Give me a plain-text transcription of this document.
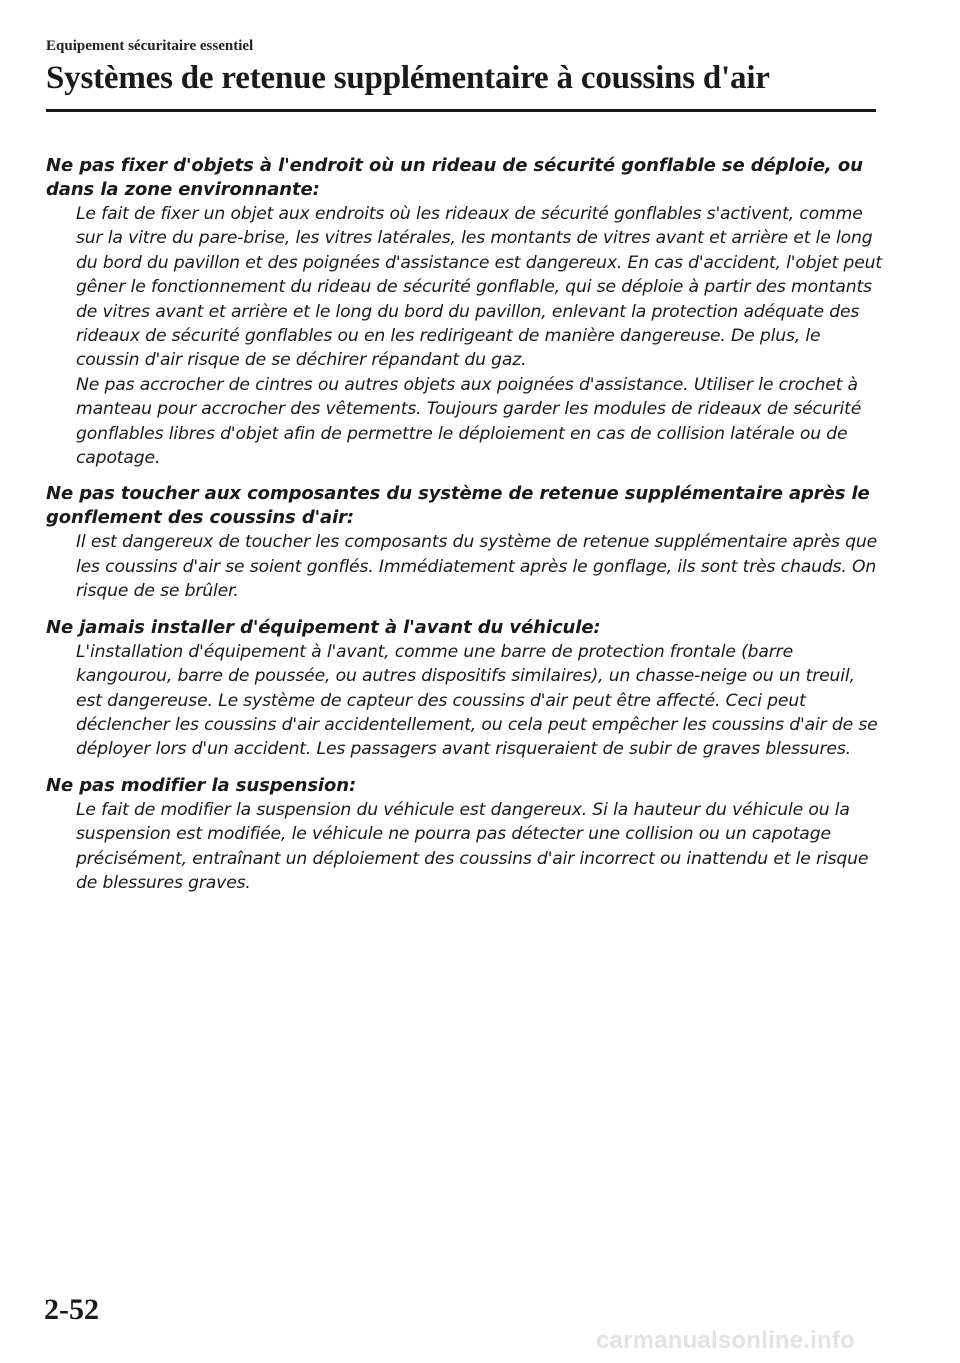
Equipement sécuritaire essentiel
Systèmes de retenue supplémentaire à coussins d'air

Ne pas fixer d'objets à l'endroit où un rideau de sécurité gonflable se déploie, ou dans la zone environnante:

Le fait de fixer un objet aux endroits où les rideaux de sécurité gonflables s'activent, comme sur la vitre du pare-brise, les vitres latérales, les montants de vitres avant et arrière et le long du bord du pavillon et des poignées d'assistance est dangereux. En cas d'accident, l'objet peut gêner le fonctionnement du rideau de sécurité gonflable, qui se déploie à partir des montants de vitres avant et arrière et le long du bord du pavillon, enlevant la protection adéquate des rideaux de sécurité gonflables ou en les redirigeant de manière dangereuse. De plus, le coussin d'air risque de se déchirer répandant du gaz.

Ne pas accrocher de cintres ou autres objets aux poignées d'assistance. Utiliser le crochet à manteau pour accrocher des vêtements. Toujours garder les modules de rideaux de sécurité gonflables libres d'objet afin de permettre le déploiement en cas de collision latérale ou de capotage.

Ne pas toucher aux composantes du système de retenue supplémentaire après le gonflement des coussins d'air:

Il est dangereux de toucher les composants du système de retenue supplémentaire après que les coussins d'air se soient gonflés. Immédiatement après le gonflage, ils sont très chauds. On risque de se brûler.

Ne jamais installer d'équipement à l'avant du véhicule:

L'installation d'équipement à l'avant, comme une barre de protection frontale (barre kangourou, barre de poussée, ou autres dispositifs similaires), un chasse-neige ou un treuil, est dangereuse. Le système de capteur des coussins d'air peut être affecté. Ceci peut déclencher les coussins d'air accidentellement, ou cela peut empêcher les coussins d'air de se déployer lors d'un accident. Les passagers avant risqueraient de subir de graves blessures.

Ne pas modifier la suspension:

Le fait de modifier la suspension du véhicule est dangereux. Si la hauteur du véhicule ou la suspension est modifiée, le véhicule ne pourra pas détecter une collision ou un capotage précisément, entraînant un déploiement des coussins d'air incorrect ou inattendu et le risque de blessures graves.

2-52
carmanualsonline.info
